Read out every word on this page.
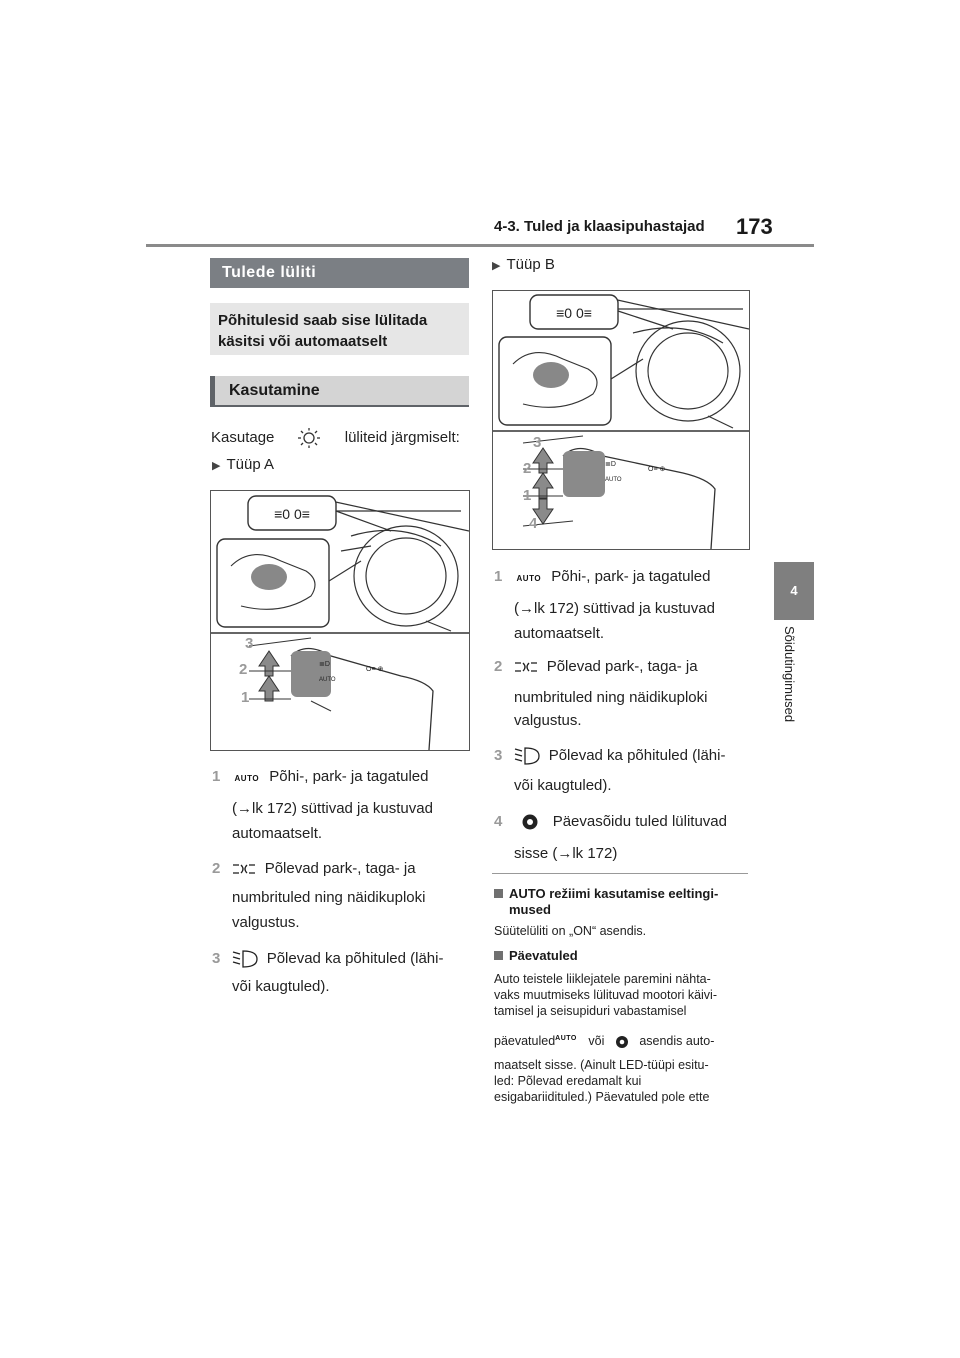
4-3. Tuled ja klaasipuhastajad 173
4
Sõidutingimused
Tulede lüliti
Põhitulesid saab sise lülitada käsitsi või automaatselt
Kasutamine
Kasutage	lüliteid järgmiselt:
▶ Tüüp A
≡0 0≡
≣D
AUTO
O≡ ⊕
3
2
1
1 AUTO Põhi-, park- ja tagatuled
(→lk 172) süttivad ja kustuvad
automaatselt.
2	Põlevad park-, taga- ja
numbrituled ning näidikuploki
valgustus.
3	Põlevad ka põhituled (lähi-
või kaugtuled).
▶ Tüüp B
≡0 0≡
≣D
AUTO
O≡ ⊕
3
2
1
4
1 AUTO Põhi-, park- ja tagatuled
(→lk 172) süttivad ja kustuvad
automaatselt.
2	Põlevad park-, taga- ja
numbrituled ning näidikuploki
valgustus.
3	Põlevad ka põhituled (lähi-
või kaugtuled).
4	Päevasõidu tuled lülituvad
sisse (→lk 172)
AUTO režiimi kasutamise eeltingi-
mused
Süütelüliti on „ON“ asendis.
Päevatuled
Auto teistele liiklejatele paremini nähta-
vaks muutmiseks lülituvad mootori käivi-
tamisel ja seisupiduri vabastamisel
päevatuled$^{AUTO}$ või	asendis auto-
maatselt sisse. (Ainult LED-tüüpi esitu-
led: Põlevad eredamalt kui
esigabariidituled.) Päevatuled pole ette
